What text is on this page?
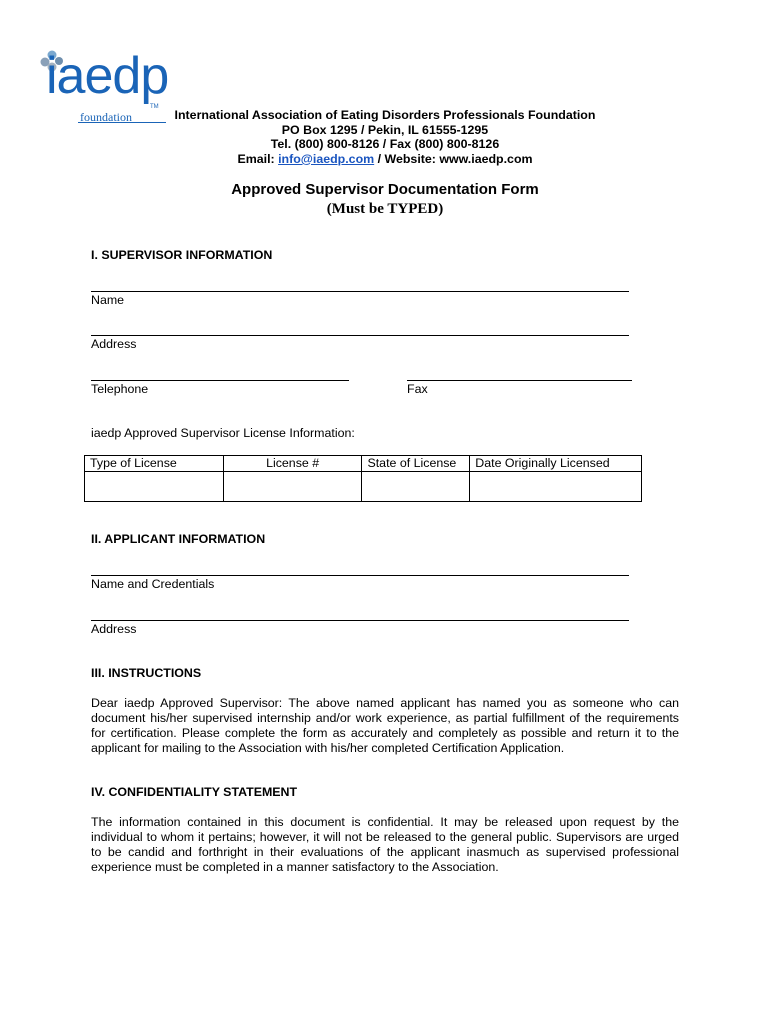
iaedp
foundation
TM
International Association of Eating Disorders Professionals Foundation
PO Box 1295 / Pekin, IL 61555-1295
Tel. (800) 800-8126 / Fax (800) 800-8126
Email: info@iaedp.com / Website: www.iaedp.com
Approved Supervisor Documentation Form
(Must be TYPED)
I. SUPERVISOR INFORMATION
Name
Address
Telephone	Fax
iaedp Approved Supervisor License Information:
Type of License	License #	State of License	Date Originally Licensed

II. APPLICANT INFORMATION
Name and Credentials
Address
III. INSTRUCTIONS
Dear iaedp Approved Supervisor: The above named applicant has named you as someone who can document his/her supervised internship and/or work experience, as partial fulfillment of the requirements for certification. Please complete the form as accurately and completely as possible and return it to the applicant for mailing to the Association with his/her completed Certification Application.
IV. CONFIDENTIALITY STATEMENT
The information contained in this document is confidential. It may be released upon request by the individual to whom it pertains; however, it will not be released to the general public. Supervisors are urged to be candid and forthright in their evaluations of the applicant inasmuch as supervised professional experience must be completed in a manner satisfactory to the Association.
